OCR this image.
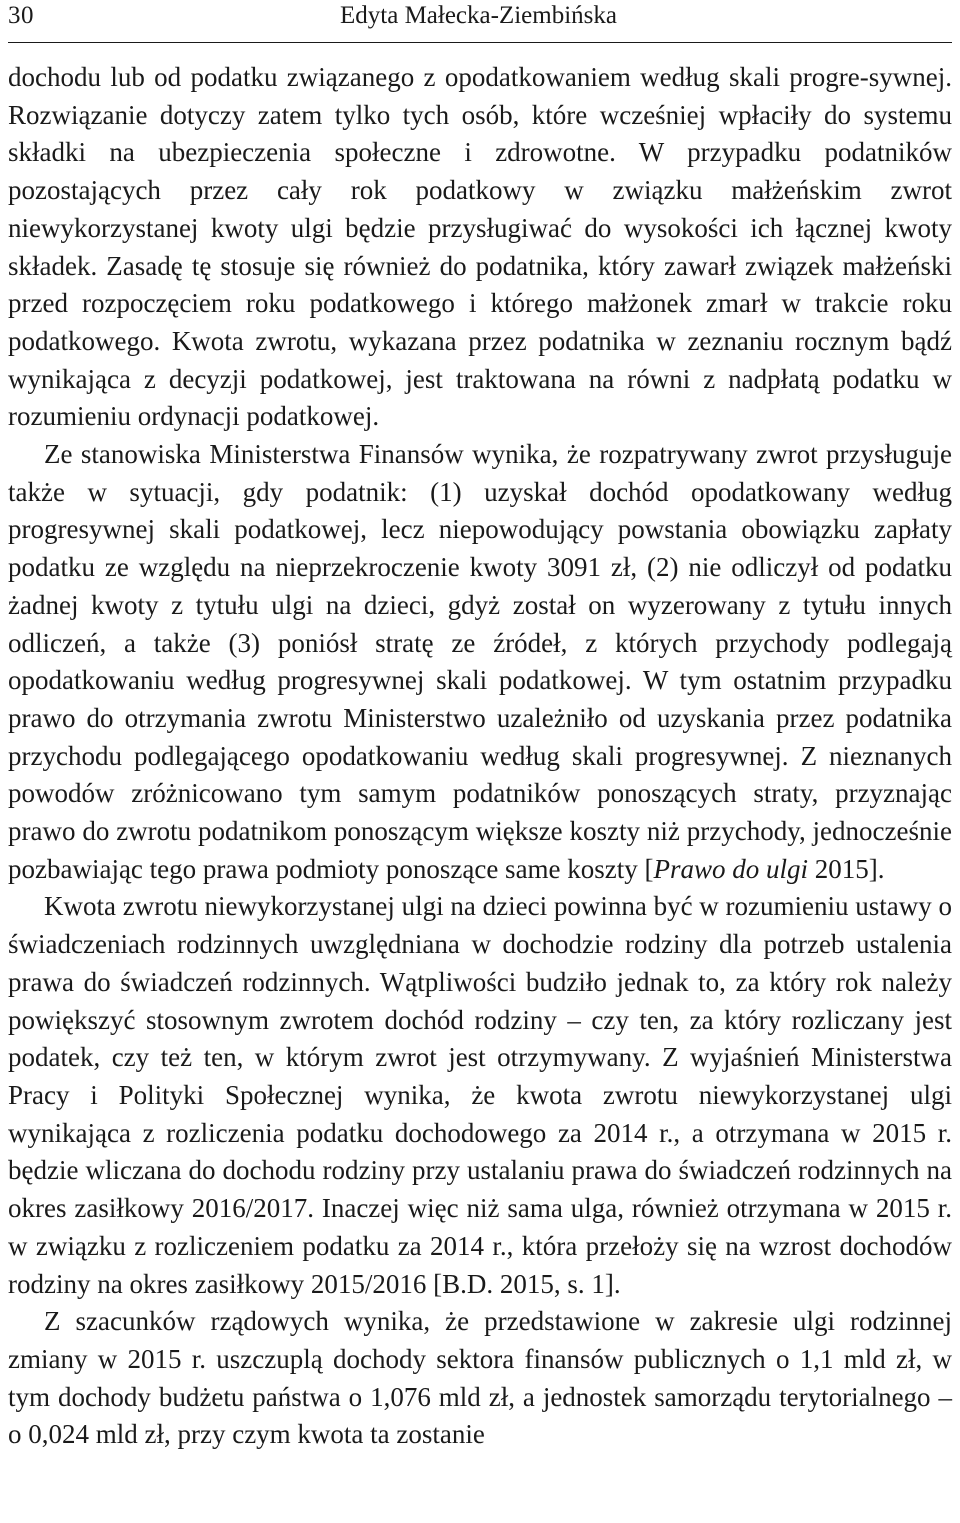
30	Edyta Małecka-Ziembińska

dochodu lub od podatku związanego z opodatkowaniem według skali progre-sywnej. Rozwiązanie dotyczy zatem tylko tych osób, które wcześniej wpłaciły do systemu składki na ubezpieczenia społeczne i zdrowotne. W przypadku podatników pozostających przez cały rok podatkowy w związku małżeńskim zwrot niewykorzystanej kwoty ulgi będzie przysługiwać do wysokości ich łącznej kwoty składek. Zasadę tę stosuje się również do podatnika, który zawarł związek małżeński przed rozpoczęciem roku podatkowego i którego małżonek zmarł w trakcie roku podatkowego. Kwota zwrotu, wykazana przez podatnika w zeznaniu rocznym bądź wynikająca z decyzji podatkowej, jest traktowana na równi z nadpłatą podatku w rozumieniu ordynacji podatkowej.

Ze stanowiska Ministerstwa Finansów wynika, że rozpatrywany zwrot przysługuje także w sytuacji, gdy podatnik: (1) uzyskał dochód opodatkowany według progresywnej skali podatkowej, lecz niepowodujący powstania obowiązku zapłaty podatku ze względu na nieprzekroczenie kwoty 3091 zł, (2) nie odliczył od podatku żadnej kwoty z tytułu ulgi na dzieci, gdyż został on wyzerowany z tytułu innych odliczeń, a także (3) poniósł stratę ze źródeł, z których przychody podlegają opodatkowaniu według progresywnej skali podatkowej. W tym ostatnim przypadku prawo do otrzymania zwrotu Ministerstwo uzależniło od uzyskania przez podatnika przychodu podlegającego opodatkowaniu według skali progresywnej. Z nieznanych powodów zróżnicowano tym samym podatników ponoszących straty, przyznając prawo do zwrotu podatnikom ponoszącym większe koszty niż przychody, jednocześnie pozbawiając tego prawa podmioty ponoszące same koszty [Prawo do ulgi 2015].

Kwota zwrotu niewykorzystanej ulgi na dzieci powinna być w rozumieniu ustawy o świadczeniach rodzinnych uwzględniana w dochodzie rodziny dla potrzeb ustalenia prawa do świadczeń rodzinnych. Wątpliwości budziło jednak to, za który rok należy powiększyć stosownym zwrotem dochód rodziny – czy ten, za który rozliczany jest podatek, czy też ten, w którym zwrot jest otrzymywany. Z wyjaśnień Ministerstwa Pracy i Polityki Społecznej wynika, że kwota zwrotu niewykorzystanej ulgi wynikająca z rozliczenia podatku dochodowego za 2014 r., a otrzymana w 2015 r. będzie wliczana do dochodu rodziny przy ustalaniu prawa do świadczeń rodzinnych na okres zasiłkowy 2016/2017. Inaczej więc niż sama ulga, również otrzymana w 2015 r. w związku z rozliczeniem podatku za 2014 r., która przełoży się na wzrost dochodów rodziny na okres zasiłkowy 2015/2016 [B.D. 2015, s. 1].

Z szacunków rządowych wynika, że przedstawione w zakresie ulgi rodzinnej zmiany w 2015 r. uszczuplą dochody sektora finansów publicznych o 1,1 mld zł, w tym dochody budżetu państwa o 1,076 mld zł, a jednostek samorządu terytorialnego – o 0,024 mld zł, przy czym kwota ta zostanie
